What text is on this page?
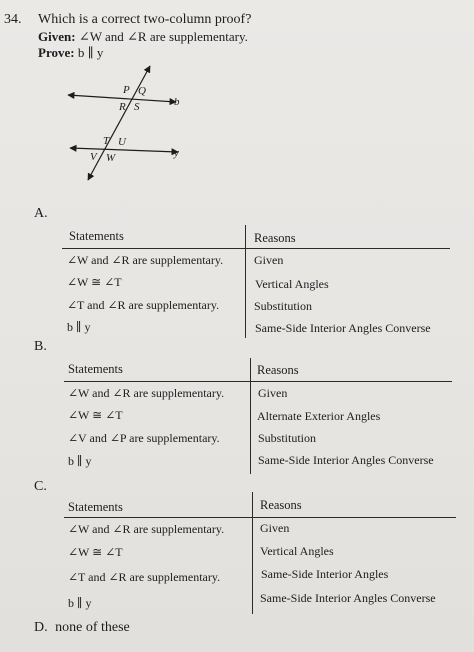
34. Which is a correct two-column proof?
Given: ∠W and ∠R are supplementary.
Prove: b ∥ y
P Q
R S	b
T U
V W	y
A.
Statements	Reasons
∠W and ∠R are supplementary.	Given
∠W ≅ ∠T	Vertical Angles
∠T and ∠R are supplementary.	Substitution
b ∥ y	Same-Side Interior Angles Converse
B.
Statements	Reasons
∠W and ∠R are supplementary.	Given
∠W ≅ ∠T	Alternate Exterior Angles
∠V and ∠P are supplementary.	Substitution
b ∥ y	Same-Side Interior Angles Converse
C.
Statements	Reasons
∠W and ∠R are supplementary.	Given
∠W ≅ ∠T	Vertical Angles
∠T and ∠R are supplementary.	Same-Side Interior Angles
b ∥ y	Same-Side Interior Angles Converse
D. none of these
